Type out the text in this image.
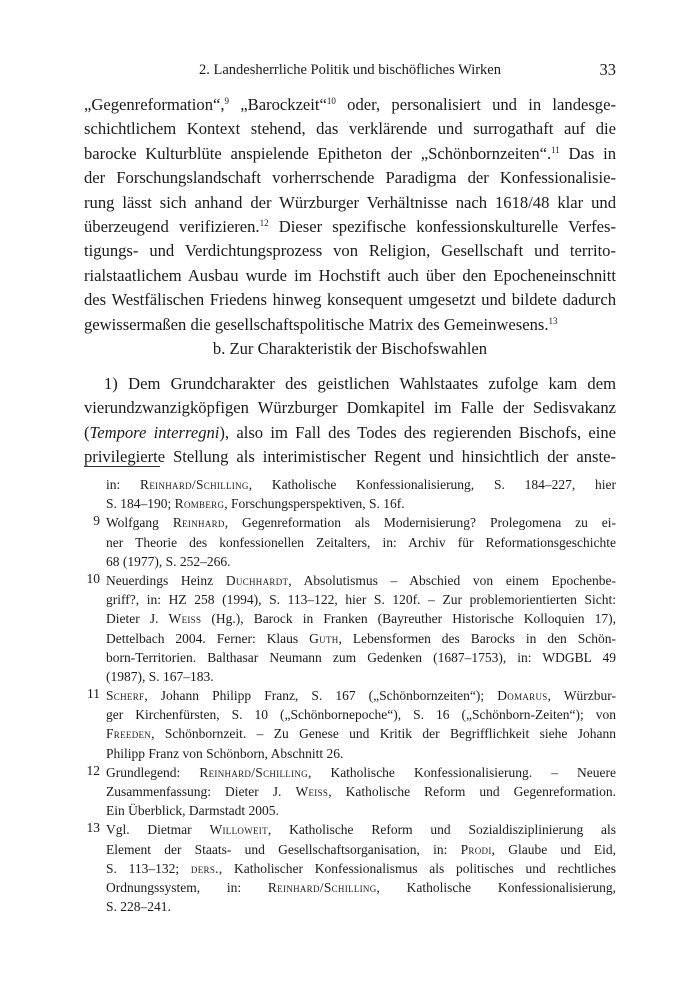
2. Landesherrliche Politik und bischöfliches Wirken	33
„Gegenreformation“,$^9$ „Barockzeit“$^{10}$ oder, personalisiert und in landesge-
schichtlichem Kontext stehend, das verklärende und surrogathaft auf die
barocke Kulturblüte anspielende Epitheton der „Schönbornzeiten“.$^{11}$ Das in
der Forschungslandschaft vorherrschende Paradigma der Konfessionalisie-
rung lässt sich anhand der Würzburger Verhältnisse nach 1618/48 klar und
überzeugend verifizieren.$^{12}$ Dieser spezifische konfessionskulturelle Verfes-
tigungs- und Verdichtungsprozess von Religion, Gesellschaft und territo-
rialstaatlichem Ausbau wurde im Hochstift auch über den Epocheneinschnitt
des Westfälischen Friedens hinweg konsequent umgesetzt und bildete dadurch
gewissermaßen die gesellschaftspolitische Matrix des Gemeinwesens.$^{13}$
b. Zur Charakteristik der Bischofswahlen
1) Dem Grundcharakter des geistlichen Wahlstaates zufolge kam dem
vierundzwanzigköpfigen Würzburger Domkapitel im Falle der Sedisvakanz
(Tempore interregni), also im Fall des Todes des regierenden Bischofs, eine
privilegierte Stellung als interimistischer Regent und hinsichtlich der anste-
in: Reinhard/Schilling, Katholische Konfessionalisierung, S. 184–227, hier
S. 184–190; Romberg, Forschungsperspektiven, S. 16f.
9 Wolfgang Reinhard, Gegenreformation als Modernisierung? Prolegomena zu ei-
ner Theorie des konfessionellen Zeitalters, in: Archiv für Reformationsgeschichte
68 (1977), S. 252–266.
10 Neuerdings Heinz Duchhardt, Absolutismus – Abschied von einem Epochenbe-
griff?, in: HZ 258 (1994), S. 113–122, hier S. 120f. – Zur problemorientierten Sicht:
Dieter J. Weiss (Hg.), Barock in Franken (Bayreuther Historische Kolloquien 17),
Dettelbach 2004. Ferner: Klaus Guth, Lebensformen des Barocks in den Schön-
born-Territorien. Balthasar Neumann zum Gedenken (1687–1753), in: WDGBL 49
(1987), S. 167–183.
11 Scherf, Johann Philipp Franz, S. 167 („Schönbornzeiten“); Domarus, Würzbur-
ger Kirchenfürsten, S. 10 („Schönbornepoche“), S. 16 („Schönborn-Zeiten“); von
Freeden, Schönbornzeit. – Zu Genese und Kritik der Begrifflichkeit siehe Johann
Philipp Franz von Schönborn, Abschnitt 26.
12 Grundlegend: Reinhard/Schilling, Katholische Konfessionalisierung. – Neuere
Zusammenfassung: Dieter J. Weiss, Katholische Reform und Gegenreformation.
Ein Überblick, Darmstadt 2005.
13 Vgl. Dietmar Willoweit, Katholische Reform und Sozialdisziplinierung als
Element der Staats- und Gesellschaftsorganisation, in: Prodi, Glaube und Eid,
S. 113–132; ders., Katholischer Konfessionalismus als politisches und rechtliches
Ordnungssystem, in: Reinhard/Schilling, Katholische Konfessionalisierung,
S. 228–241.
